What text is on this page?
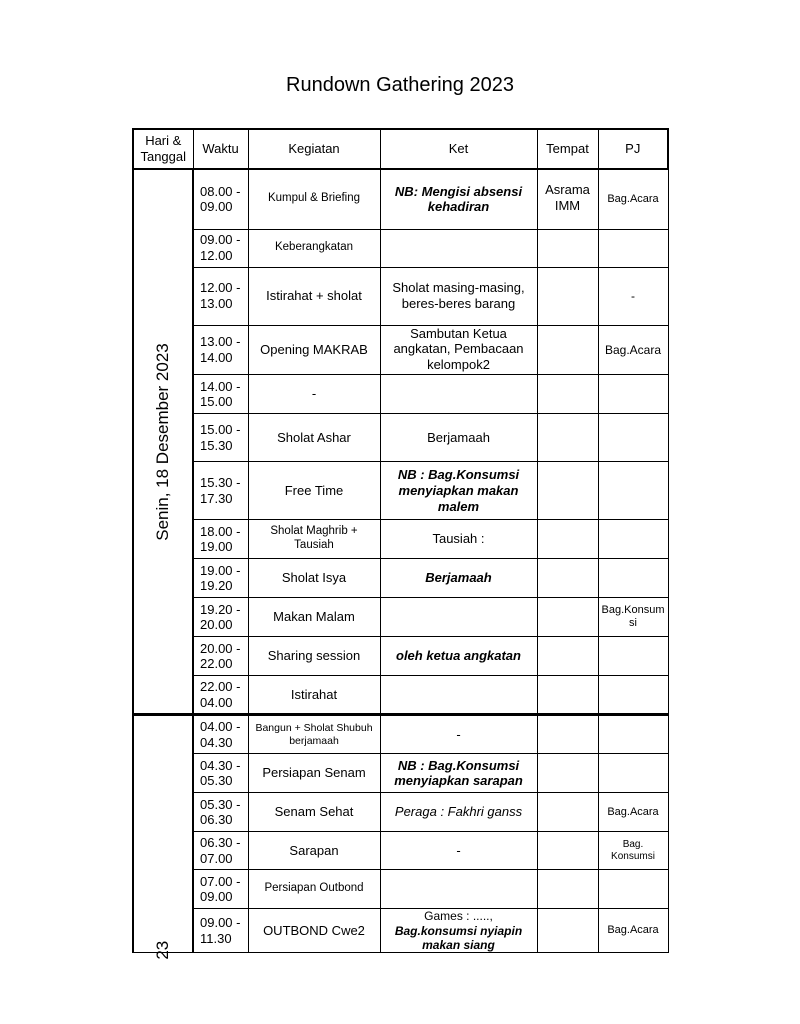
Rundown Gathering 2023
Hari & Tanggal	Waktu	Kegiatan	Ket	Tempat	PJ

Senin, 18 Desember 2023	08.00 - 09.00	Kumpul & Briefing	NB: Mengisi absensi kehadiran	Asrama IMM	Bag.Acara
	09.00 - 12.00	Keberangkatan			
	12.00 - 13.00	Istirahat + sholat	Sholat masing-masing, beres-beres barang		-
	13.00 - 14.00	Opening MAKRAB	Sambutan Ketua angkatan, Pembacaan kelompok2		Bag.Acara
	14.00 - 15.00	-			
	15.00 - 15.30	Sholat Ashar	Berjamaah		
	15.30 - 17.30	Free Time	NB : Bag.Konsumsi menyiapkan makan malem		
	18.00 - 19.00	Sholat Maghrib + Tausiah	Tausiah :		
	19.00 - 19.20	Sholat Isya	Berjamaah		
	19.20 - 20.00	Makan Malam			Bag.Konsumsi
	20.00 - 22.00	Sharing session	oleh ketua angkatan		
	22.00 - 04.00	Istirahat			

23	04.00 - 04.30	Bangun + Sholat Shubuh berjamaah	-		
	04.30 - 05.30	Persiapan Senam	NB : Bag.Konsumsi menyiapkan sarapan		
	05.30 - 06.30	Senam Sehat	Peraga : Fakhri ganss		Bag.Acara
	06.30 - 07.00	Sarapan	-		Bag. Konsumsi
	07.00 - 09.00	Persiapan Outbond			
	09.00 - 11.30	OUTBOND Cwe2	Games : ....., Bag.konsumsi nyiapin makan siang		Bag.Acara
